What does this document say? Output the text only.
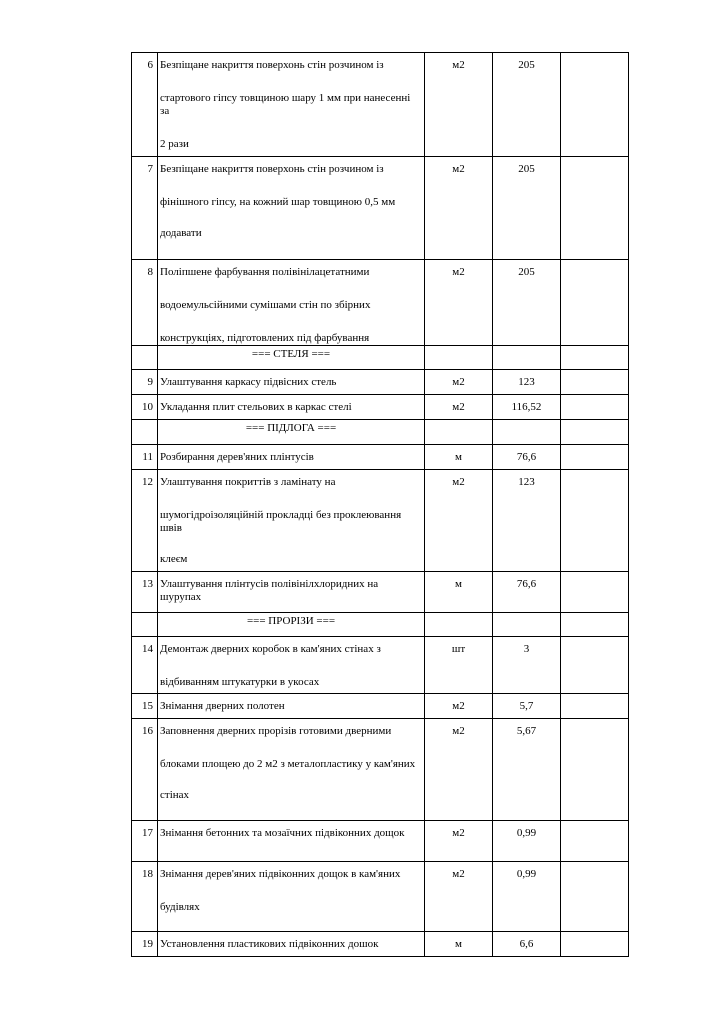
6	Безпіщане накриття поверхонь стін розчином із
стартового гіпсу товщиною шару 1 мм при нанесенні за
2 рази	м2	205	
7	Безпіщане накриття поверхонь стін розчином із
фінішного гіпсу, на кожний шар товщиною 0,5 мм
додавати	м2	205	
8	Поліпшене фарбування полівінілацетатними
водоемульсійними сумішами стін по збірних
конструкціях, підготовлених під фарбування	м2	205	
	=== СТЕЛЯ ===			
9	Улаштування каркасу підвісних стель	м2	123	
10	Укладання плит стельових в каркас стелі	м2	116,52	
	=== ПІДЛОГА ===			
11	Розбирання дерев'яних плінтусів	м	76,6	
12	Улаштування покриттів з ламінату на
шумогідроізоляційній прокладці без проклеювання швів
клеєм	м2	123	
13	Улаштування плінтусів полівінілхлоридних на шурупах	м	76,6	
	=== ПРОРІЗИ ===			
14	Демонтаж дверних коробок в кам'яних стінах з
відбиванням штукатурки в укосах	шт	3	
15	Знімання дверних полотен	м2	5,7	
16	Заповнення дверних прорізів готовими дверними
блоками площею до 2 м2 з металопластику у кам'яних
стінах	м2	5,67	
17	Знімання бетонних та мозаїчних підвіконних дощок	м2	0,99	
18	Знімання дерев'яних підвіконних дощок в кам'яних
будівлях	м2	0,99	
19	Установлення пластикових підвіконних дошок	м	6,6	
